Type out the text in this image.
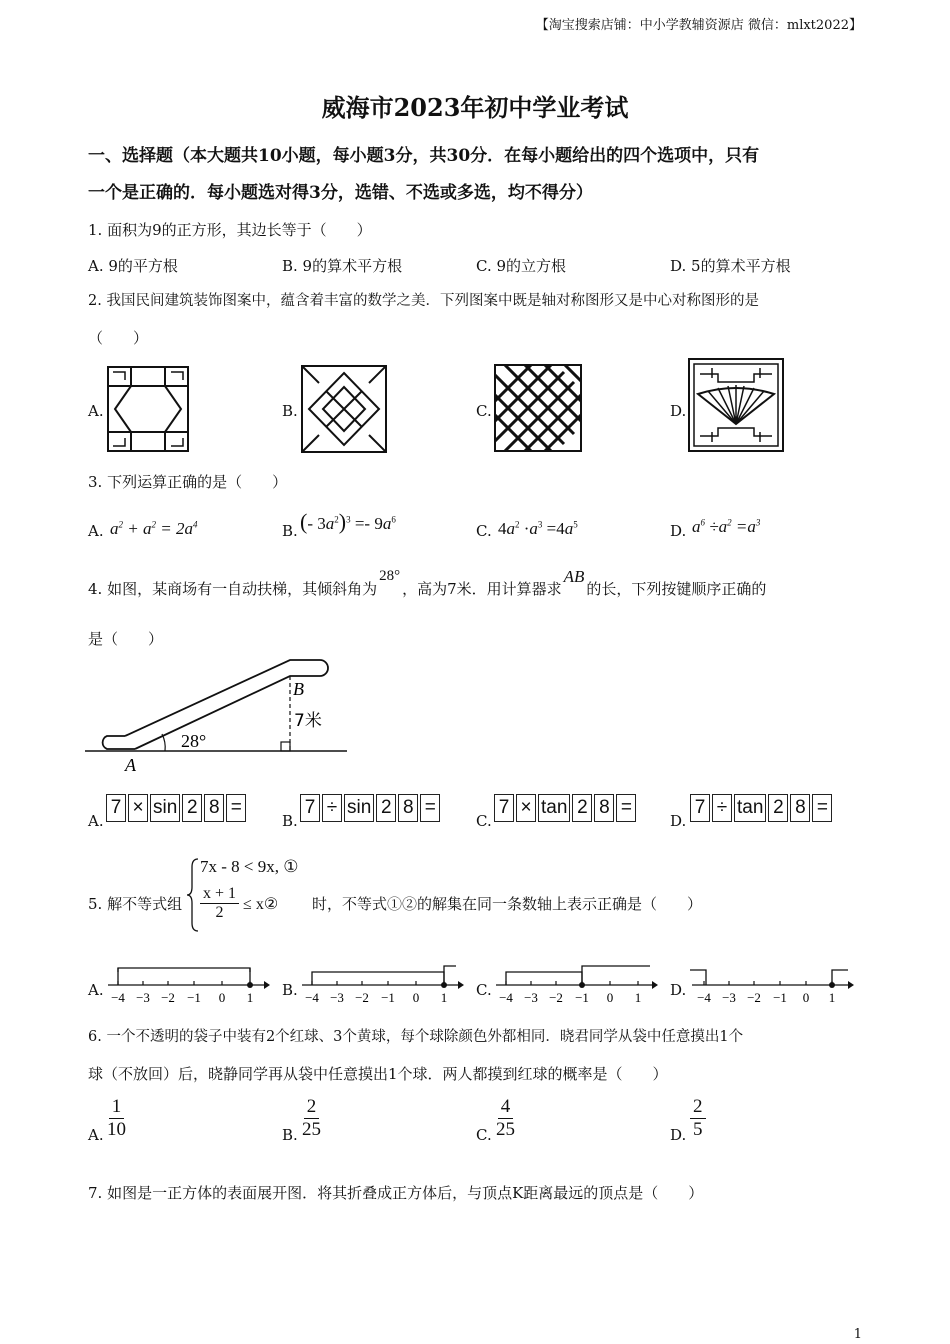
【淘宝搜索店铺：中小学教辅资源店 微信：mlxt2022】
威海市2023年初中学业考试
一、选择题（本大题共10小题，每小题3分，共30分．在每小题给出的四个选项中，只有
一个是正确的．每小题选对得3分，选错、不选或多选，均不得分）
1. 面积为9的正方形，其边长等于（　　）
A. 9的平方根	B. 9的算术平方根	C. 9的立方根	D. 5的算术平方根
2. 我国民间建筑装饰图案中，蕴含着丰富的数学之美．下列图案中既是轴对称图形又是中心对称图形的是
（　　）
A.	B.	C.	D.
3. 下列运算正确的是（　　）
A. $a^2 + a^2 = 2a^4$	B. (- $3a^2)^3 =- 9a^6$
C. $4a^2 \cdot a^3 =4a^5$	D. $a^6 \div a^2 =a^3$
4. 如图，某商场有一自动扶梯，其倾斜角为28°，高为7米．用计算器求AB的长，下列按键顺序正确的
是（　　）
B
7米
28°
A
A.
7 × sin 2 8 =
B.
7 ÷ sin 2 8 =
C.
7 × tan 2 8 =
D.
7 ÷ tan 2 8 =
5. 解不等式组
7x - 8 < 9x, ①
$\frac{x + 1}{2}$ ≤ x② 时，不等式①②的解集在同一条数轴上表示正确是（　　）
A.	B.	C.	D.
−4 −3 −2 −1 0 1	−4 −3 −2 −1 0 1	−4 −3 −2 −1 0 1	−4 −3 −2 −1 0 1
6. 一个不透明的袋子中装有2个红球、3个黄球，每个球除颜色外都相同．晓君同学从袋中任意摸出1个
球（不放回）后，晓静同学再从袋中任意摸出1个球．两人都摸到红球的概率是（　　）
A. $\frac{1}{10}$	B. $\frac{2}{25}$	C. $\frac{4}{25}$	D. $\frac{2}{5}$
7. 如图是一正方体的表面展开图．将其折叠成正方体后，与顶点K距离最远的顶点是（　　）
1
